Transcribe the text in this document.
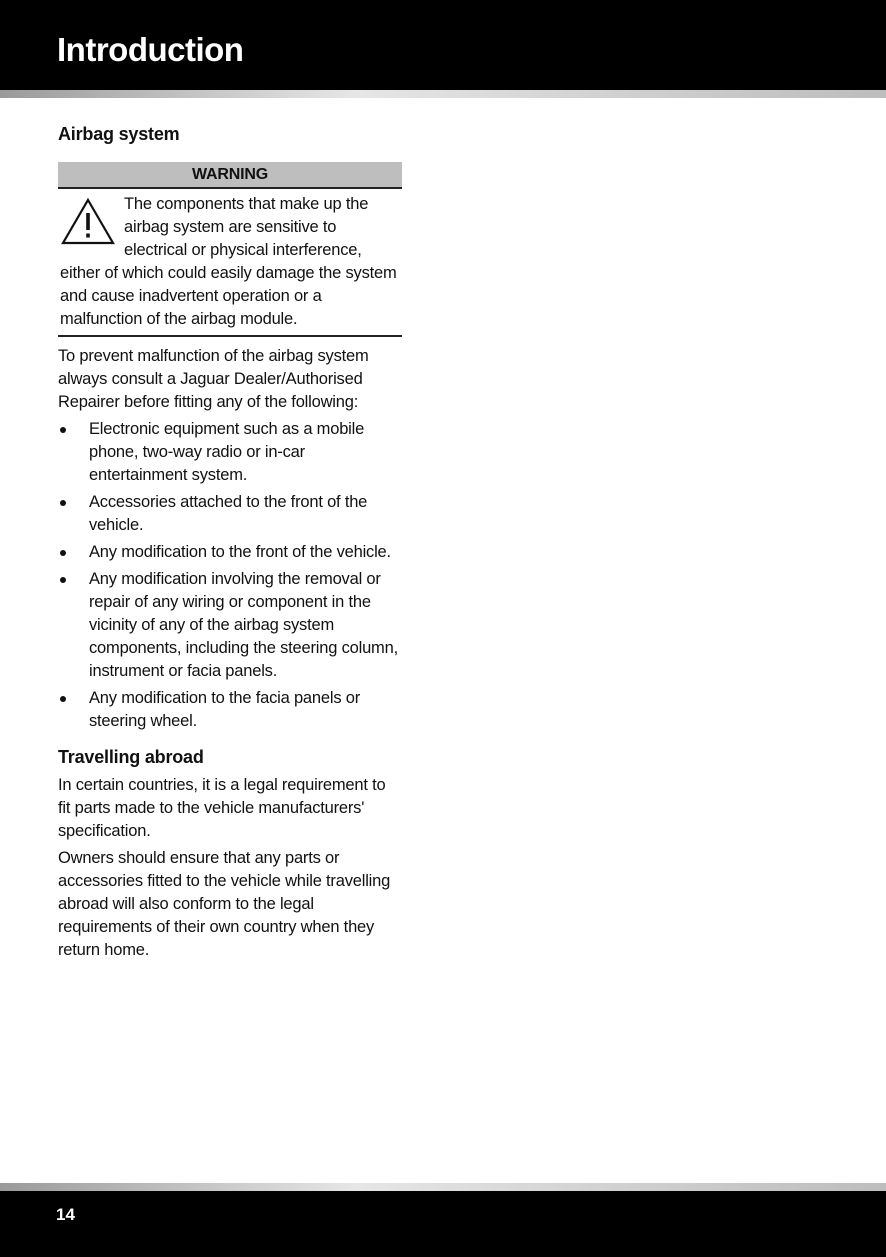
Introduction
Airbag system
WARNING

The components that make up the airbag system are sensitive to electrical or physical interference, either of which could easily damage the system and cause inadvertent operation or a malfunction of the airbag module.

To prevent malfunction of the airbag system always consult a Jaguar Dealer/Authorised Repairer before fitting any of the following:

Electronic equipment such as a mobile phone, two-way radio or in-car entertainment system.
Accessories attached to the front of the vehicle.
Any modification to the front of the vehicle.
Any modification involving the removal or repair of any wiring or component in the vicinity of any of the airbag system components, including the steering column, instrument or facia panels.
Any modification to the facia panels or steering wheel.
Travelling abroad

In certain countries, it is a legal requirement to fit parts made to the vehicle manufacturers' specification.

Owners should ensure that any parts or accessories fitted to the vehicle while travelling abroad will also conform to the legal requirements of their own country when they return home.

14
